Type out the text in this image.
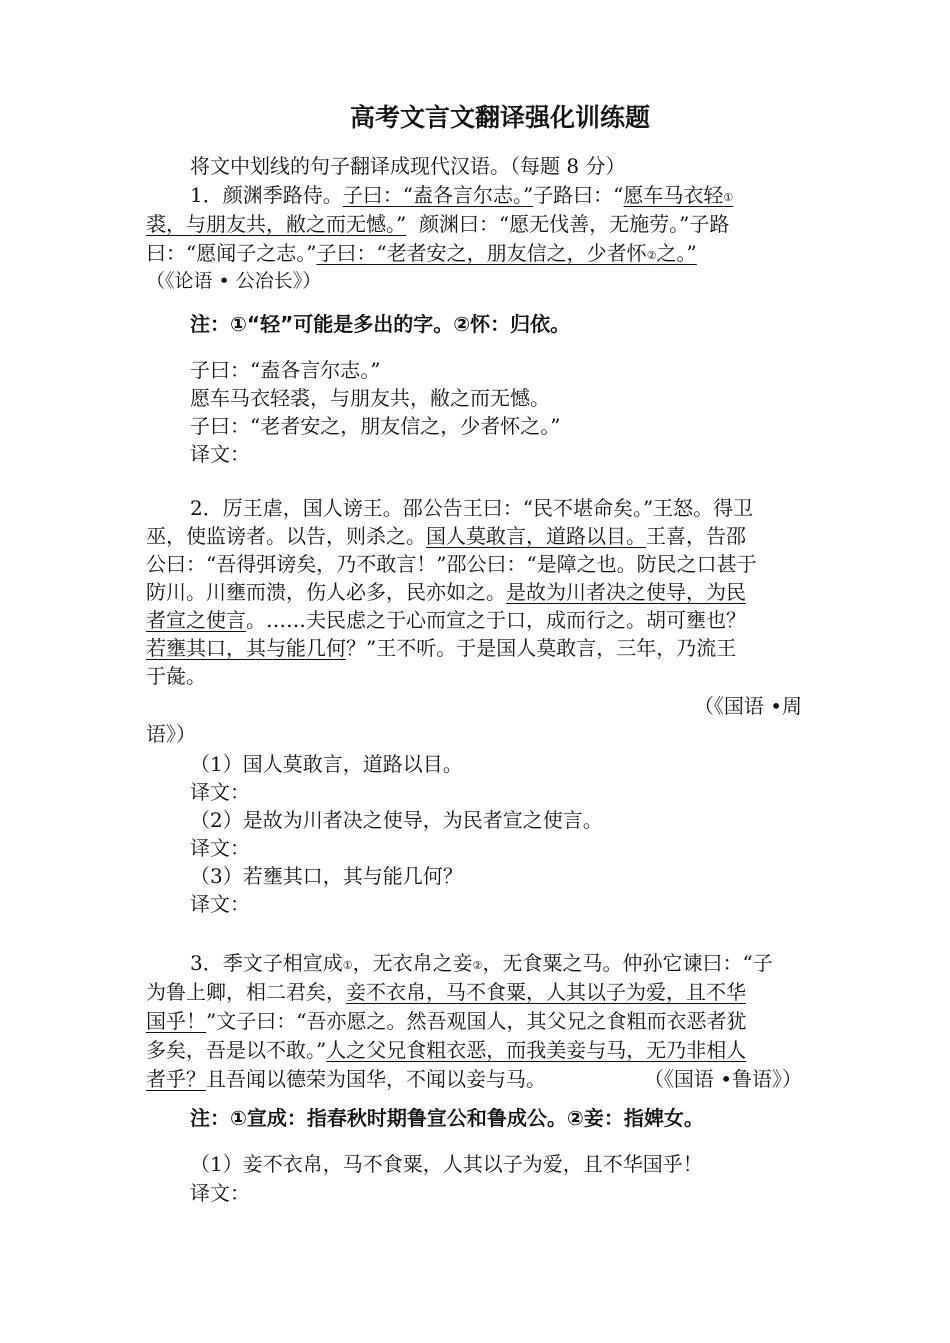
高考文言文翻译强化训练题
将文中划线的句子翻译成现代汉语。（每题 8 分）
1．颜渊季路侍。子曰：“盍各言尔志。”子路曰：“愿车马衣轻①
裘，与朋友共，敝之而无憾。”  颜渊曰：“愿无伐善，无施劳。”子路
曰：“愿闻子之志。”子曰：“老者安之，朋友信之，少者怀②之。”
（《论语 • 公冶长》）
注：①“轻”可能是多出的字。②怀：归依。
子曰：“盍各言尔志。”
愿车马衣轻裘，与朋友共，敝之而无憾。
子曰：“老者安之，朋友信之，少者怀之。”
译文：
2．厉王虐，国人谤王。邵公告王曰：“民不堪命矣。”王怒。得卫
巫，使监谤者。以告，则杀之。国人莫敢言，道路以目。王喜，告邵
公曰：“吾得弭谤矣，乃不敢言！”邵公曰：“是障之也。防民之口甚于
防川。川壅而溃，伤人必多，民亦如之。是故为川者决之使导，为民
者宣之使言。……夫民虑之于心而宣之于口，成而行之。胡可壅也？
若壅其口，其与能几何？”王不听。于是国人莫敢言，三年，乃流王
于彘。
（《国语 •周
语》）
（1）国人莫敢言，道路以目。
译文：
（2）是故为川者决之使导，为民者宣之使言。
译文：
（3）若壅其口，其与能几何？
译文：
3．季文子相宣成①，无衣帛之妾②，无食粟之马。仲孙它谏曰：“子
为鲁上卿，相二君矣，妾不衣帛，马不食粟，人其以子为爱，且不华
国乎！”文子曰：“吾亦愿之。然吾观国人，其父兄之食粗而衣恶者犹
多矣，吾是以不敢。”人之父兄食粗衣恶，而我美妾与马，无乃非相人
者乎？且吾闻以德荣为国华，不闻以妾与马。	（《国语 •鲁语》）
注：①宣成：指春秋时期鲁宣公和鲁成公。②妾：指婢女。
（1）妾不衣帛，马不食粟，人其以子为爱，且不华国乎！
译文：
